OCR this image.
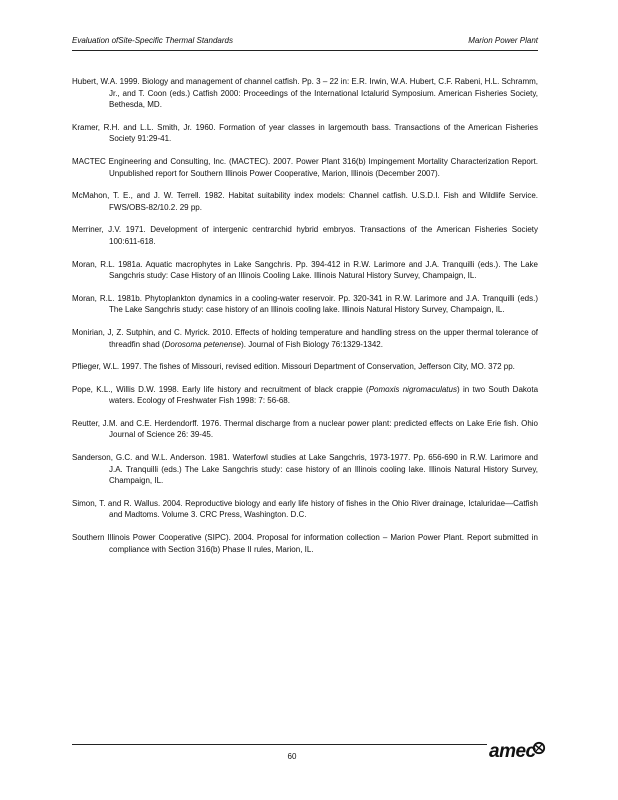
Evaluation ofSite-Specific Thermal Standards	Marion Power Plant

Hubert, W.A. 1999. Biology and management of channel catfish. Pp. 3 – 22 in: E.R. Irwin, W.A. Hubert, C.F. Rabeni, H.L. Schramm, Jr., and T. Coon (eds.) Catfish 2000: Proceedings of the International Ictalurid Symposium. American Fisheries Society, Bethesda, MD.

Kramer, R.H. and L.L. Smith, Jr. 1960. Formation of year classes in largemouth bass. Transactions of the American Fisheries Society 91:29-41.

MACTEC Engineering and Consulting, Inc. (MACTEC). 2007. Power Plant 316(b) Impingement Mortality Characterization Report. Unpublished report for Southern Illinois Power Cooperative, Marion, Illinois (December 2007).

McMahon, T. E., and J. W. Terrell. 1982. Habitat suitability index models: Channel catfish. U.S.D.I. Fish and Wildlife Service. FWS/OBS-82/10.2. 29 pp.

Merriner, J.V. 1971. Development of intergenic centrarchid hybrid embryos. Transactions of the American Fisheries Society 100:611-618.

Moran, R.L. 1981a. Aquatic macrophytes in Lake Sangchris. Pp. 394-412 in R.W. Larimore and J.A. Tranquilli (eds.). The Lake Sangchris study: Case History of an Illinois Cooling Lake. Illinois Natural History Survey, Champaign, IL.

Moran, R.L. 1981b. Phytoplankton dynamics in a cooling-water reservoir. Pp. 320-341 in R.W. Larimore and J.A. Tranquilli (eds.) The Lake Sangchris study: case history of an Illinois cooling lake. Illinois Natural History Survey, Champaign, IL.

Monirian, J, Z. Sutphin, and C. Myrick. 2010. Effects of holding temperature and handling stress on the upper thermal tolerance of threadfin shad (Dorosoma petenense). Journal of Fish Biology 76:1329-1342.

Pflieger, W.L. 1997. The fishes of Missouri, revised edition. Missouri Department of Conservation, Jefferson City, MO. 372 pp.

Pope, K.L., Willis D.W. 1998. Early life history and recruitment of black crappie (Pomoxis nigromaculatus) in two South Dakota waters. Ecology of Freshwater Fish 1998: 7: 56-68.

Reutter, J.M. and C.E. Herdendorff. 1976. Thermal discharge from a nuclear power plant: predicted effects on Lake Erie fish. Ohio Journal of Science 26: 39-45.

Sanderson, G.C. and W.L. Anderson. 1981. Waterfowl studies at Lake Sangchris, 1973-1977. Pp. 656-690 in R.W. Larimore and J.A. Tranquilli (eds.) The Lake Sangchris study: case history of an Illinois cooling lake. Illinois Natural History Survey, Champaign, IL.

Simon, T. and R. Wallus. 2004. Reproductive biology and early life history of fishes in the Ohio River drainage, Ictaluridae—Catfish and Madtoms. Volume 3. CRC Press, Washington. D.C.

Southern Illinois Power Cooperative (SIPC). 2004. Proposal for information collection – Marion Power Plant. Report submitted in compliance with Section 316(b) Phase II rules, Marion, IL.

60	amec
